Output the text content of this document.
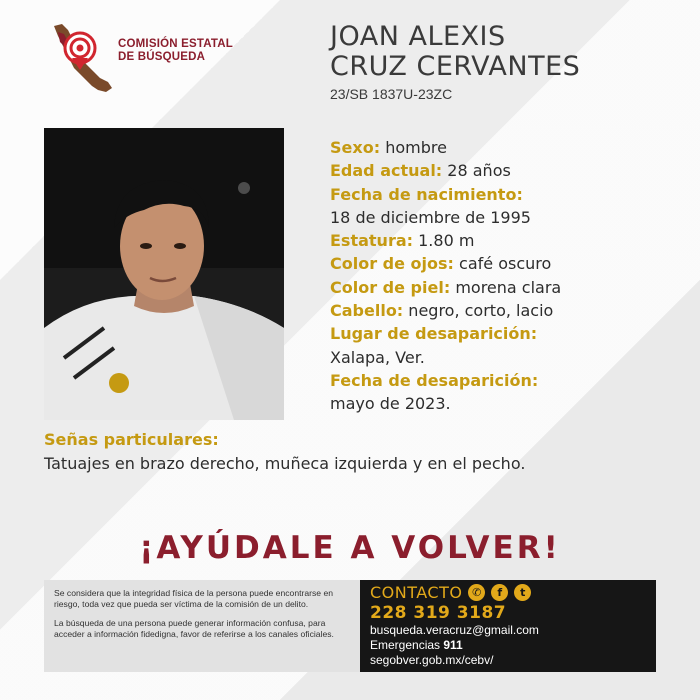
COMISIÓN ESTATAL
DE BÚSQUEDA
JOAN ALEXIS
CRUZ CERVANTES
23/SB 1837U-23ZC
Sexo: hombre
Edad actual: 28 años
Fecha de nacimiento:
18 de diciembre de 1995
Estatura: 1.80 m
Color de ojos: café oscuro
Color de piel: morena clara
Cabello: negro, corto, lacio
Lugar de desaparición:
Xalapa, Ver.
Fecha de desaparición:
mayo de 2023.
Señas particulares:
Tatuajes en brazo derecho, muñeca izquierda y en el pecho.
¡AYÚDALE A VOLVER!

Se considera que la integridad física de la persona puede encontrarse en riesgo, toda vez que pueda ser víctima de la comisión de un delito.

La búsqueda de una persona puede generar información confusa, para acceder a información fidedigna, favor de referirse a los canales oficiales.

CONTACTO ✆	f	t
228 319 3187
busqueda.veracruz@gmail.com
Emergencias 911
segobver.gob.mx/cebv/
